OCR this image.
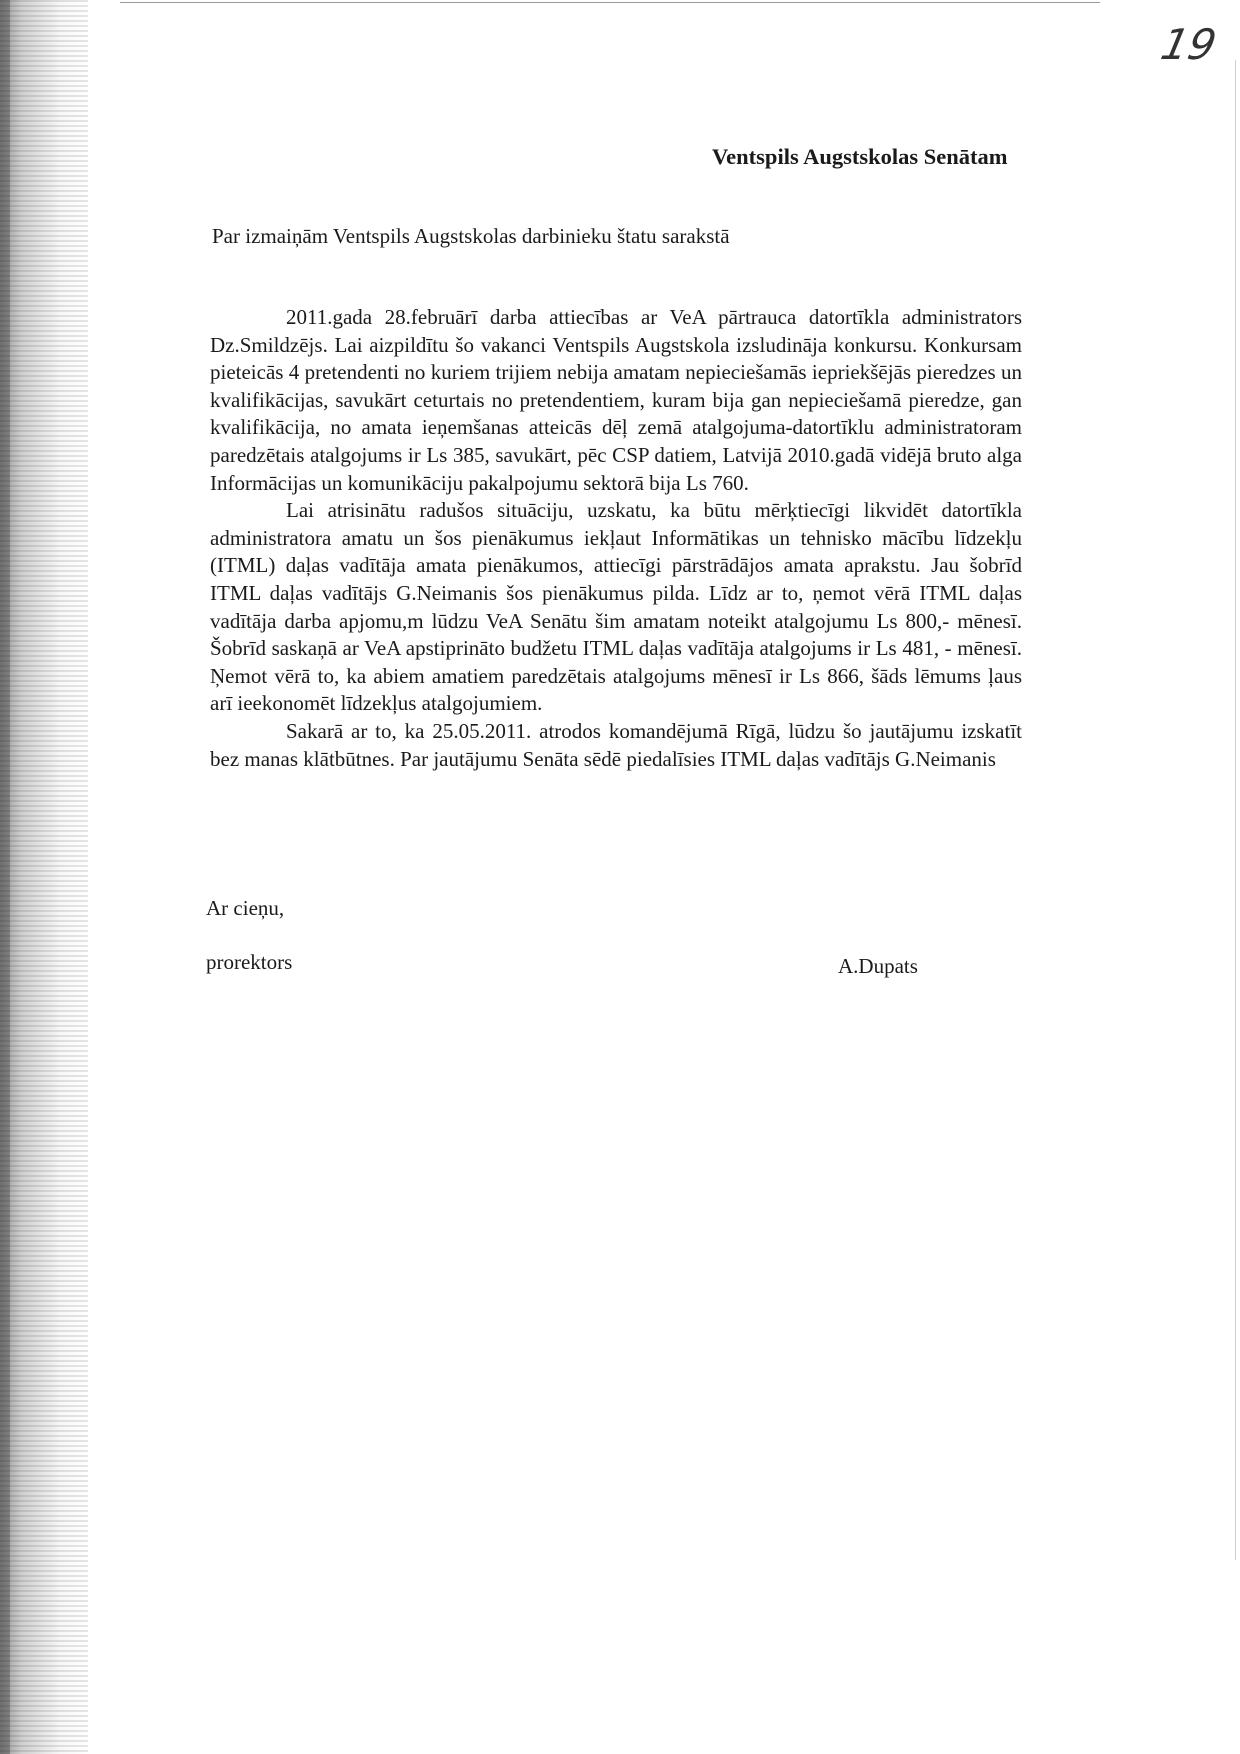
19
Ventspils Augstskolas Senātam
Par izmaiņām Ventspils Augstskolas darbinieku štatu sarakstā

2011.gada 28.februārī darba attiecības ar VeA pārtrauca datortīkla administrators Dz.Smildzējs. Lai aizpildītu šo vakanci Ventspils Augstskola izsludināja konkursu. Konkursam pieteicās 4 pretendenti no kuriem trijiem nebija amatam nepieciešamās iepriekšējās pieredzes un kvalifikācijas, savukārt ceturtais no pretendentiem, kuram bija gan nepieciešamā pieredze, gan kvalifikācija, no amata ieņemšanas atteicās dēļ zemā atalgojuma-datortīklu administratoram paredzētais atalgojums ir Ls 385, savukārt, pēc CSP datiem, Latvijā 2010.gadā vidējā bruto alga Informācijas un komunikāciju pakalpojumu sektorā bija Ls 760.

Lai atrisinātu radušos situāciju, uzskatu, ka būtu mērķtiecīgi likvidēt datortīkla administratora amatu un šos pienākumus iekļaut Informātikas un tehnisko mācību līdzekļu (ITML) daļas vadītāja amata pienākumos, attiecīgi pārstrādājos amata aprakstu. Jau šobrīd ITML daļas vadītājs G.Neimanis šos pienākumus pilda. Līdz ar to, ņemot vērā ITML daļas vadītāja darba apjomu,m lūdzu VeA Senātu šim amatam noteikt atalgojumu Ls 800,- mēnesī. Šobrīd saskaņā ar VeA apstiprināto budžetu ITML daļas vadītāja atalgojums ir Ls 481, - mēnesī. Ņemot vērā to, ka abiem amatiem paredzētais atalgojums mēnesī ir Ls 866, šāds lēmums ļaus arī ieekonomēt līdzekļus atalgojumiem.

Sakarā ar to, ka 25.05.2011. atrodos komandējumā Rīgā, lūdzu šo jautājumu izskatīt bez manas klātbūtnes. Par jautājumu Senāta sēdē piedalīsies ITML daļas vadītājs G.Neimanis

Ar cieņu,
prorektors	A.Dupats
